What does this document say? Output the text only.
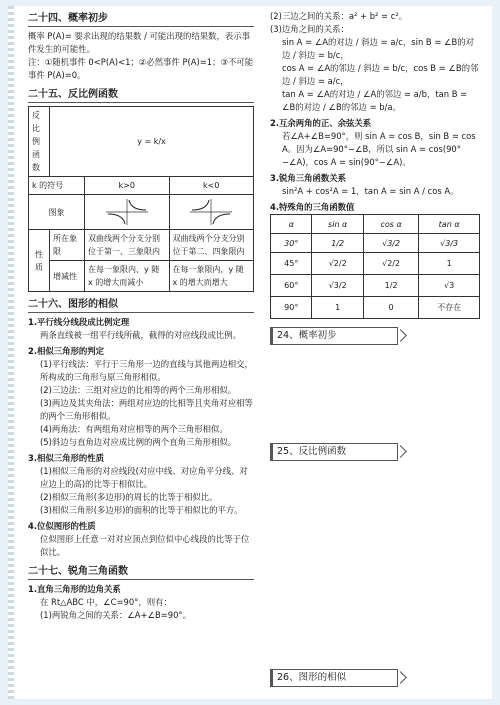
二十四、概率初步

概率 P(A)= 要求出现的结果数 / 可能出现的结果数，表示事件发生的可能性。

注：①随机事件 0<P(A)<1；②必然事件 P(A)=1；③不可能事件 P(A)=0。

二十五、反比例函数
反比例函数	y = k/x		
k 的符号		k>0	k<0
图象		
性质	所在象限	双曲线两个分支分别位于第一、三象限内	双曲线两个分支分别位于第二、四象限内
	增减性	在每一象限内，y 随 x 的增大而减小	在每一象限内，y 随 x 的增大而增大
二十六、图形的相似
1.平行线分线段成比例定理

两条直线被一组平行线所截，截得的对应线段成比例。

2.相似三角形的判定

(1)平行线法：平行于三角形一边的直线与其他两边相交，所构成的三角形与原三角形相似。

(2)三边法：三组对应边的比相等的两个三角形相似。

(3)两边及其夹角法：两组对应边的比相等且夹角对应相等的两个三角形相似。

(4)两角法：有两组角对应相等的两个三角形相似。

(5)斜边与直角边对应成比例的两个直角三角形相似。

3.相似三角形的性质

(1)相似三角形的对应线段(对应中线、对应角平分线、对应边上的高)的比等于相似比。

(2)相似三角形(多边形)的周长的比等于相似比。

(3)相似三角形(多边形)的面积的比等于相似比的平方。

4.位似图形的性质

位似图形上任意一对对应顶点到位似中心线段的比等于位似比。

二十七、锐角三角函数
1.直角三角形的边角关系

在 Rt△ABC 中，∠C=90°，则有：

(1)两锐角之间的关系：∠A+∠B=90°。

(2)三边之间的关系：a² + b² = c²。

(3)边角之间的关系：

sin A = ∠A的对边 / 斜边 = a/c，sin B = ∠B的对边 / 斜边 = b/c，

cos A = ∠A的邻边 / 斜边 = b/c，cos B = ∠B的邻边 / 斜边 = a/c，

tan A = ∠A的对边 / ∠A的邻边 = a/b，tan B = ∠B的对边 / ∠B的邻边 = b/a。

2.互余两角的正、余弦关系

若∠A+∠B=90°，则 sin A = cos B，sin B = cos A。因为∠A=90°−∠B，所以 sin A = cos(90°−∠A)，cos A = sin(90°−∠A)。

3.锐角三角函数关系

sin²A + cos²A = 1，tan A = sin A / cos A。

4.特殊角的三角函数值
α	sin α	cos α	tan α
30°	1/2	√3/2	√3/3
45°	√2/2	√2/2	1
60°	√3/2	1/2	√3
90°	1	0	不存在
24、概率初步
25、反比例函数
26、图形的相似
